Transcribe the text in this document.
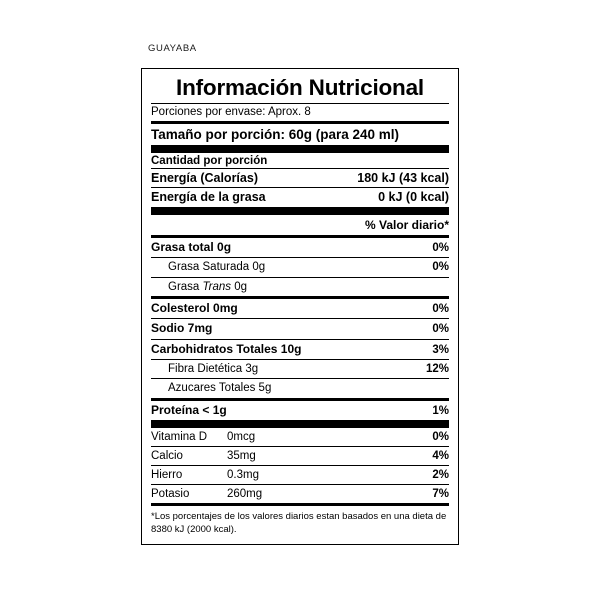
GUAYABA
Información Nutricional
Porciones por envase: Aprox. 8
Tamaño por porción: 60g (para 240 ml)
Cantidad por porción
Energía (Calorías)	180 kJ (43 kcal)
Energía de la grasa	0 kJ (0 kcal)
% Valor diario*
Grasa total 0g	0%
Grasa Saturada 0g	0%
Grasa Trans 0g
Colesterol 0mg	0%
Sodio 7mg	0%
Carbohidratos Totales 10g	3%
Fibra Dietética 3g	12%
Azucares Totales 5g
Proteína < 1g	1%
Vitamina D	0mcg	0%
Calcio	35mg	4%
Hierro	0.3mg	2%
Potasio	260mg	7%
*Los porcentajes de los valores diarios estan basados en una dieta de 8380 kJ (2000 kcal).
